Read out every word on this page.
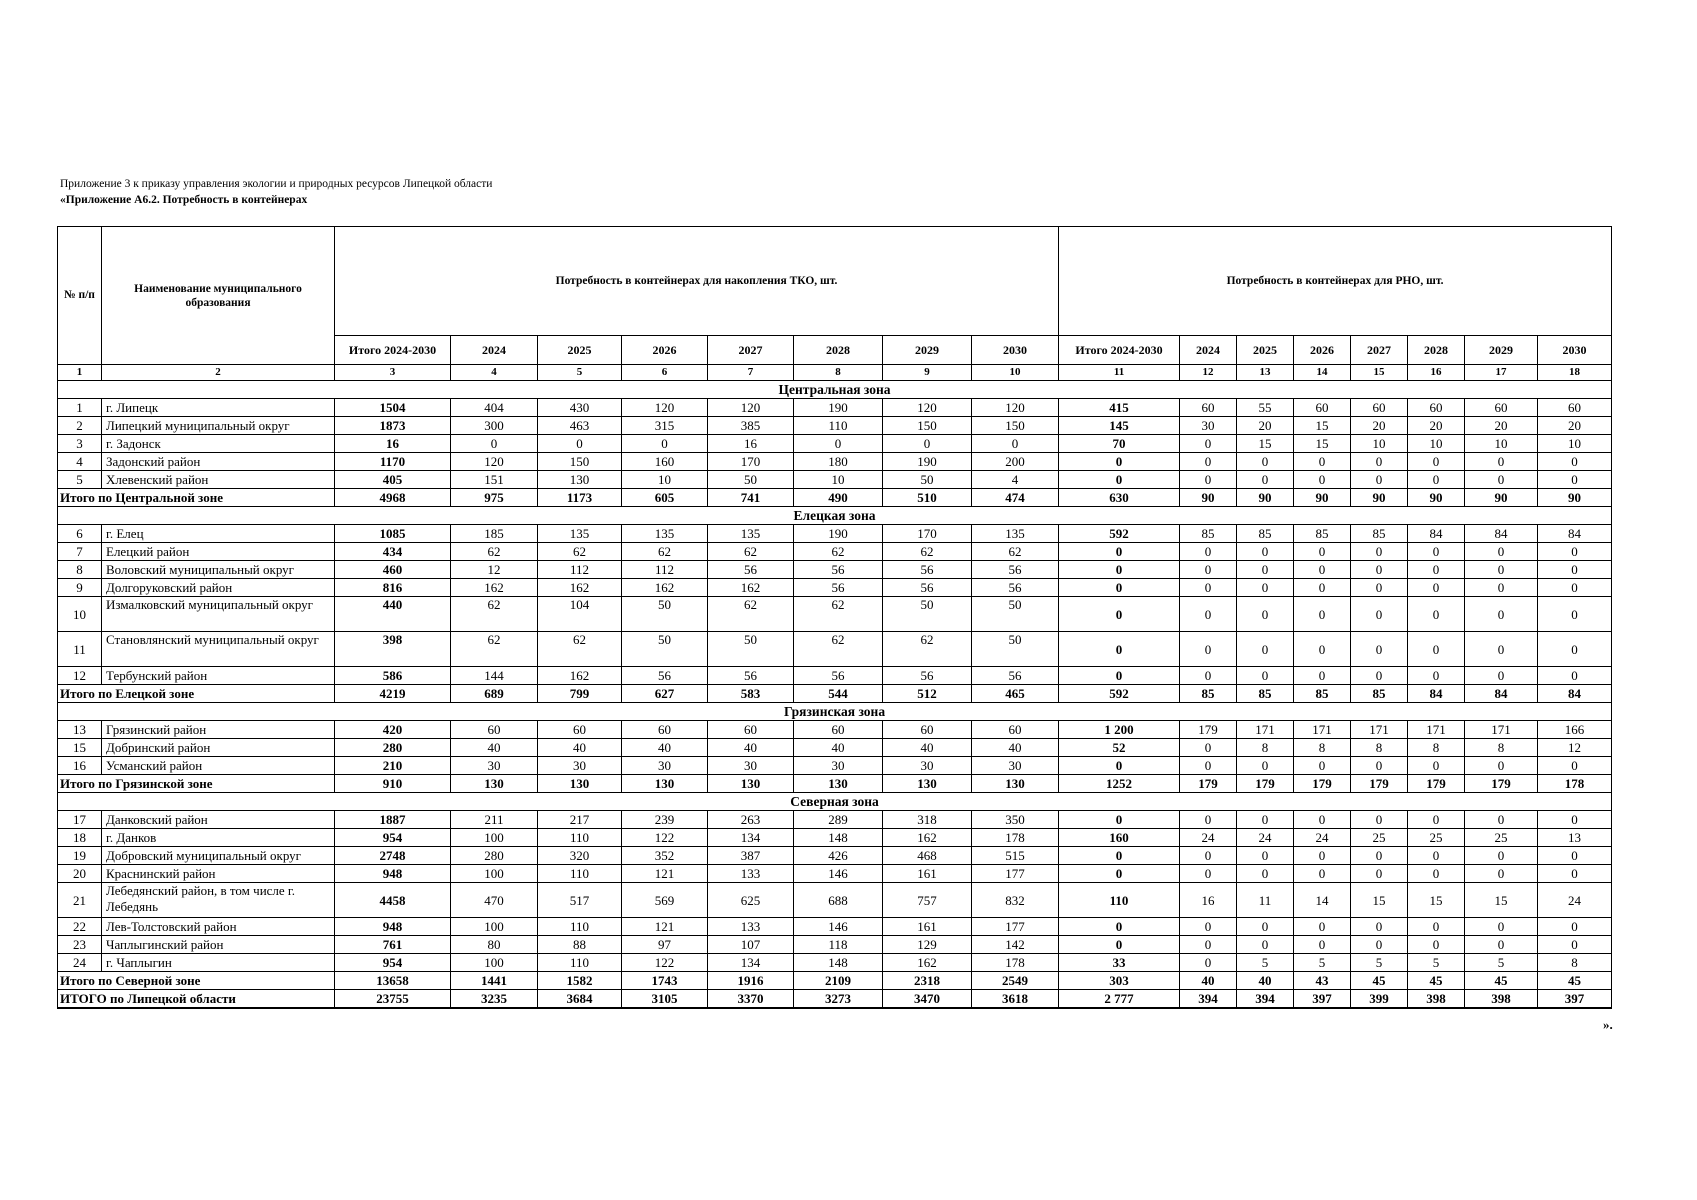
Приложение 3 к приказу управления экологии и природных ресурсов Липецкой области
«Приложение А6.2. Потребность в контейнерах
№ п/п	Наименование муниципального образования	Потребность в контейнерах для накопления ТКО, шт.								Потребность в контейнерах для РНО, шт.							
		Итого 2024-2030	2024	2025	2026	2027	2028	2029	2030	Итого 2024-2030	2024	2025	2026	2027	2028	2029	2030
1	2	3	4	5	6	7	8	9	10	11	12	13	14	15	16	17	18
Центральная зона																	
1	г. Липецк	1504	404	430	120	120	190	120	120	415	60	55	60	60	60	60	60
2	Липецкий муниципальный округ	1873	300	463	315	385	110	150	150	145	30	20	15	20	20	20	20
3	г. Задонск	16	0	0	0	16	0	0	0	70	0	15	15	10	10	10	10
4	Задонский район	1170	120	150	160	170	180	190	200	0	0	0	0	0	0	0	0
5	Хлевенский район	405	151	130	10	50	10	50	4	0	0	0	0	0	0	0	0
Итого по Центральной зоне		4968	975	1173	605	741	490	510	474	630	90	90	90	90	90	90	90
Елецкая зона																	
6	г. Елец	1085	185	135	135	135	190	170	135	592	85	85	85	85	84	84	84
7	Елецкий район	434	62	62	62	62	62	62	62	0	0	0	0	0	0	0	0
8	Воловский муниципальный округ	460	12	112	112	56	56	56	56	0	0	0	0	0	0	0	0
9	Долгоруковский район	816	162	162	162	162	56	56	56	0	0	0	0	0	0	0	0
10	Измалковский муниципальный округ	440	62	104	50	62	62	50	50	0	0	0	0	0	0	0	0
11	Становлянский муниципальный округ	398	62	62	50	50	62	62	50	0	0	0	0	0	0	0	0
12	Тербунский район	586	144	162	56	56	56	56	56	0	0	0	0	0	0	0	0
Итого по Елецкой зоне		4219	689	799	627	583	544	512	465	592	85	85	85	85	84	84	84
Грязинская зона																	
13	Грязинский район	420	60	60	60	60	60	60	60	1 200	179	171	171	171	171	171	166
15	Добринский район	280	40	40	40	40	40	40	40	52	0	8	8	8	8	8	12
16	Усманский район	210	30	30	30	30	30	30	30	0	0	0	0	0	0	0	0
Итого по Грязинской зоне		910	130	130	130	130	130	130	130	1252	179	179	179	179	179	179	178
Северная зона																	
17	Данковский район	1887	211	217	239	263	289	318	350	0	0	0	0	0	0	0	0
18	г. Данков	954	100	110	122	134	148	162	178	160	24	24	24	25	25	25	13
19	Добровский муниципальный округ	2748	280	320	352	387	426	468	515	0	0	0	0	0	0	0	0
20	Краснинский район	948	100	110	121	133	146	161	177	0	0	0	0	0	0	0	0
21	Лебедянский район, в том числе г. Лебедянь	4458	470	517	569	625	688	757	832	110	16	11	14	15	15	15	24
22	Лев-Толстовский район	948	100	110	121	133	146	161	177	0	0	0	0	0	0	0	0
23	Чаплыгинский район	761	80	88	97	107	118	129	142	0	0	0	0	0	0	0	0
24	г. Чаплыгин	954	100	110	122	134	148	162	178	33	0	5	5	5	5	5	8
Итого по Северной зоне		13658	1441	1582	1743	1916	2109	2318	2549	303	40	40	43	45	45	45	45
ИТОГО по Липецкой области		23755	3235	3684	3105	3370	3273	3470	3618	2 777	394	394	397	399	398	398	397
».
